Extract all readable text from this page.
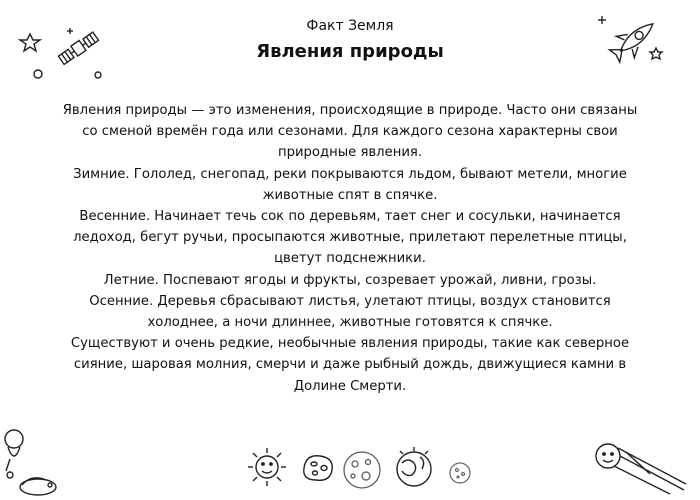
Факт Земля
Явления природы

Явления природы — это изменения, происходящие в природе. Часто они связаны со сменой времён года или сезонами. Для каждого сезона характерны свои природные явления.

Зимние. Гололед, снегопад, реки покрываются льдом, бывают метели, многие животные спят в спячке.

Весенние. Начинает течь сок по деревьям, тает снег и сосульки, начинается ледоход, бегут ручьи, просыпаются животные, прилетают перелетные птицы, цветут подснежники.

Летние. Поспевают ягоды и фрукты, созревает урожай, ливни, грозы.

Осенние. Деревья сбрасывают листья, улетают птицы, воздух становится холоднее, а ночи длиннее, животные готовятся к спячке.

Существуют и очень редкие, необычные явления природы, такие как северное сияние, шаровая молния, смерчи и даже рыбный дождь, движущиеся камни в Долине Смерти.
